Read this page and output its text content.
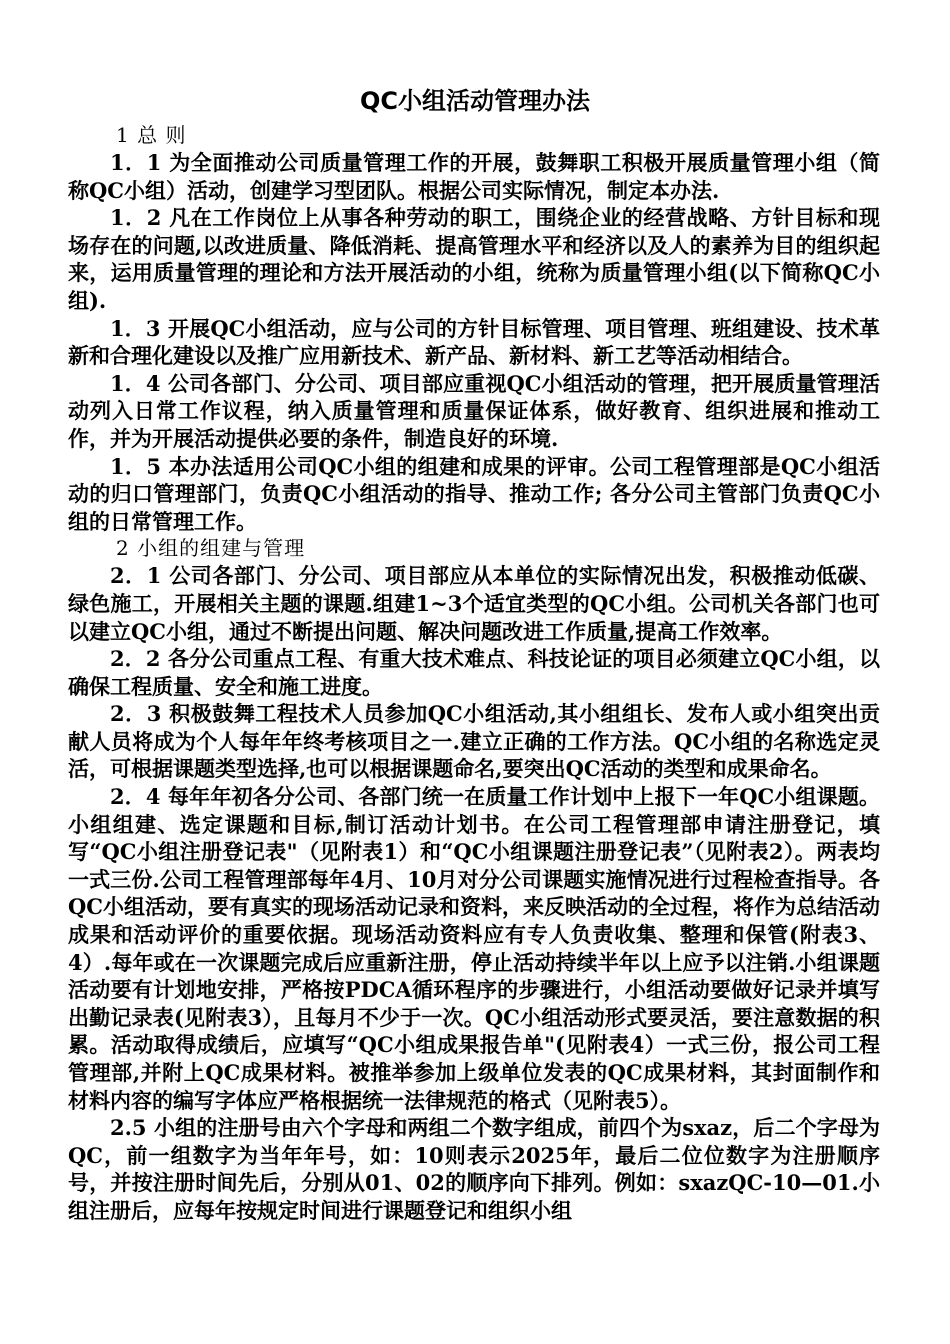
QC小组活动管理办法

1 总 则

1．1 为全面推动公司质量管理工作的开展，鼓舞职工积极开展质量管理小组（简称QC小组）活动，创建学习型团队。根据公司实际情况，制定本办法.

1．2 凡在工作岗位上从事各种劳动的职工，围绕企业的经营战略、方针目标和现场存在的问题,以改进质量、降低消耗、提高管理水平和经济以及人的素养为目的组织起来，运用质量管理的理论和方法开展活动的小组，统称为质量管理小组(以下简称QC小组).

1．3 开展QC小组活动，应与公司的方针目标管理、项目管理、班组建设、技术革新和合理化建设以及推广应用新技术、新产品、新材料、新工艺等活动相结合。

1．4 公司各部门、分公司、项目部应重视QC小组活动的管理，把开展质量管理活动列入日常工作议程，纳入质量管理和质量保证体系，做好教育、组织进展和推动工作，并为开展活动提供必要的条件，制造良好的环境.

1．5 本办法适用公司QC小组的组建和成果的评审。公司工程管理部是QC小组活动的归口管理部门，负责QC小组活动的指导、推动工作; 各分公司主管部门负责QC小组的日常管理工作。

2 小组的组建与管理

2．1 公司各部门、分公司、项目部应从本单位的实际情况出发，积极推动低碳、绿色施工，开展相关主题的课题.组建1~3个适宜类型的QC小组。公司机关各部门也可以建立QC小组，通过不断提出问题、解决问题改进工作质量,提高工作效率。

2．2 各分公司重点工程、有重大技术难点、科技论证的项目必须建立QC小组，以确保工程质量、安全和施工进度。

2．3 积极鼓舞工程技术人员参加QC小组活动,其小组组长、发布人或小组突出贡献人员将成为个人每年年终考核项目之一.建立正确的工作方法。QC小组的名称选定灵活，可根据课题类型选择,也可以根据课题命名,要突出QC活动的类型和成果命名。

2．4 每年年初各分公司、各部门统一在质量工作计划中上报下一年QC小组课题。小组组建、选定课题和目标,制订活动计划书。在公司工程管理部申请注册登记，填写“QC小组注册登记表"（见附表1）和“QC小组课题注册登记表”（见附表2）。两表均一式三份.公司工程管理部每年4月、10月对分公司课题实施情况进行过程检查指导。各QC小组活动，要有真实的现场活动记录和资料，来反映活动的全过程，将作为总结活动成果和活动评价的重要依据。现场活动资料应有专人负责收集、整理和保管(附表3、4）.每年或在一次课题完成后应重新注册，停止活动持续半年以上应予以注销.小组课题活动要有计划地安排，严格按PDCA循环程序的步骤进行，小组活动要做好记录并填写出勤记录表(见附表3），且每月不少于一次。QC小组活动形式要灵活，要注意数据的积累。活动取得成绩后，应填写“QC小组成果报告单"(见附表4）一式三份，报公司工程管理部,并附上QC成果材料。被推举参加上级单位发表的QC成果材料，其封面制作和材料内容的编写字体应严格根据统一法律规范的格式（见附表5）。

2.5 小组的注册号由六个字母和两组二个数字组成，前四个为sxaz，后二个字母为QC，前一组数字为当年年号，如：10则表示2025年，最后二位位数字为注册顺序号，并按注册时间先后，分别从01、02的顺序向下排列。例如：sxazQC-10—01.小组注册后，应每年按规定时间进行课题登记和组织小组
